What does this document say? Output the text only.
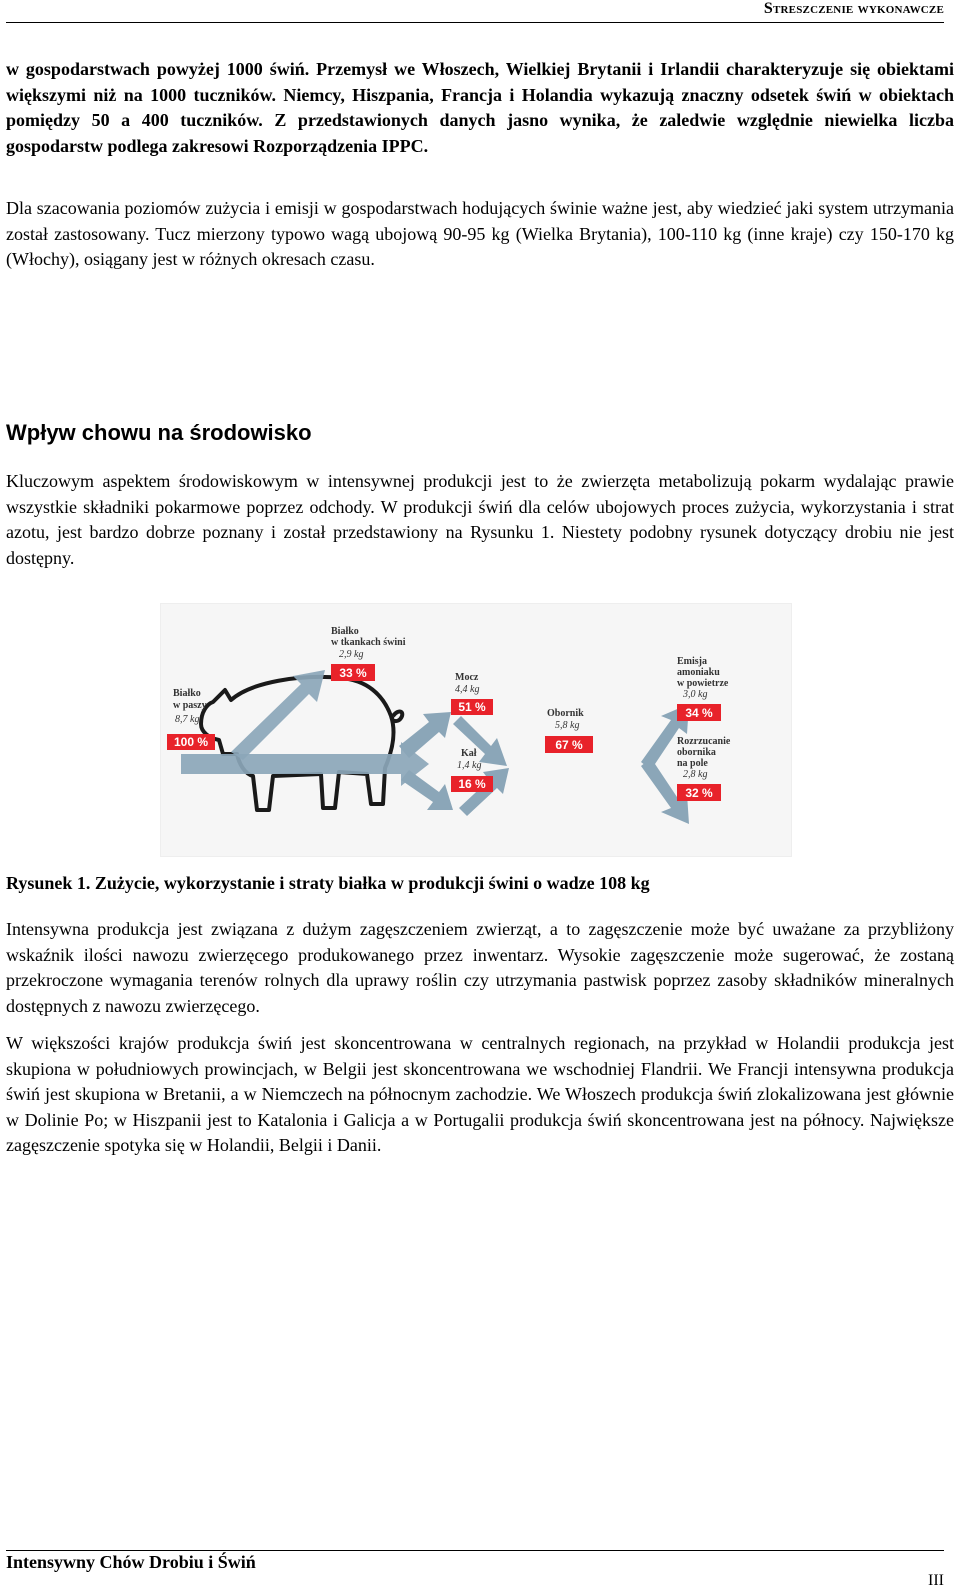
Streszczenie wykonawcze

w gospodarstwach powyżej 1000 świń. Przemysł we Włoszech, Wielkiej Brytanii i Irlandii charakteryzuje się obiektami większymi niż na 1000 tuczników. Niemcy, Hiszpania, Francja i Holandia wykazują znaczny odsetek świń w obiektach pomiędzy 50 a 400 tuczników. Z przedstawionych danych jasno wynika, że zaledwie względnie niewielka liczba gospodarstw podlega zakresowi Rozporządzenia IPPC.

Dla szacowania poziomów zużycia i emisji w gospodarstwach hodujących świnie ważne jest, aby wiedzieć jaki system utrzymania został zastosowany. Tucz mierzony typowo wagą ubojową 90-95 kg (Wielka Brytania), 100-110 kg (inne kraje) czy 150-170 kg (Włochy), osiągany jest w różnych okresach czasu.

Wpływ chowu na środowisko

Kluczowym aspektem środowiskowym w intensywnej produkcji jest to że zwierzęta metabolizują pokarm wydalając prawie wszystkie składniki pokarmowe poprzez odchody. W produkcji świń dla celów ubojowych proces zużycia, wykorzystania i strat azotu, jest bardzo dobrze poznany i został przedstawiony na Rysunku 1. Niestety podobny rysunek dotyczący drobiu nie jest dostępny.

Białko
w paszy
8,7 kg
100 %
Białko
w tkankach świni
2,9 kg
33 %	Mocz
4,4 kg
51 %
Kał
1,4 kg
16 %
Obornik
5,8 kg
67 %
Emisja
amoniaku
w powietrze
3,0 kg
34 %
Rozrzucanie
obornika
na pole
2,8 kg
32 %

Rysunek 1. Zużycie, wykorzystanie i straty białka w produkcji świni o wadze 108 kg

Intensywna produkcja jest związana z dużym zagęszczeniem zwierząt, a to zagęszczenie może być uważane za przybliżony wskaźnik ilości nawozu zwierzęcego produkowanego przez inwentarz. Wysokie zagęszczenie może sugerować, że zostaną przekroczone wymagania terenów rolnych dla uprawy roślin czy utrzymania pastwisk poprzez zasoby składników mineralnych dostępnych z nawozu zwierzęcego.

W większości krajów produkcja świń jest skoncentrowana w centralnych regionach, na przykład w Holandii produkcja jest skupiona w południowych prowincjach, w Belgii jest skoncentrowana we wschodniej Flandrii. We Francji intensywna produkcja świń jest skupiona w Bretanii, a w Niemczech na północnym zachodzie. We Włoszech produkcja świń zlokalizowana jest głównie w Dolinie Po; w Hiszpanii jest to Katalonia i Galicja a w Portugalii produkcja świń skoncentrowana jest na północy. Największe zagęszczenie spotyka się w Holandii, Belgii i Danii.

Intensywny Chów Drobiu i Świń
III
